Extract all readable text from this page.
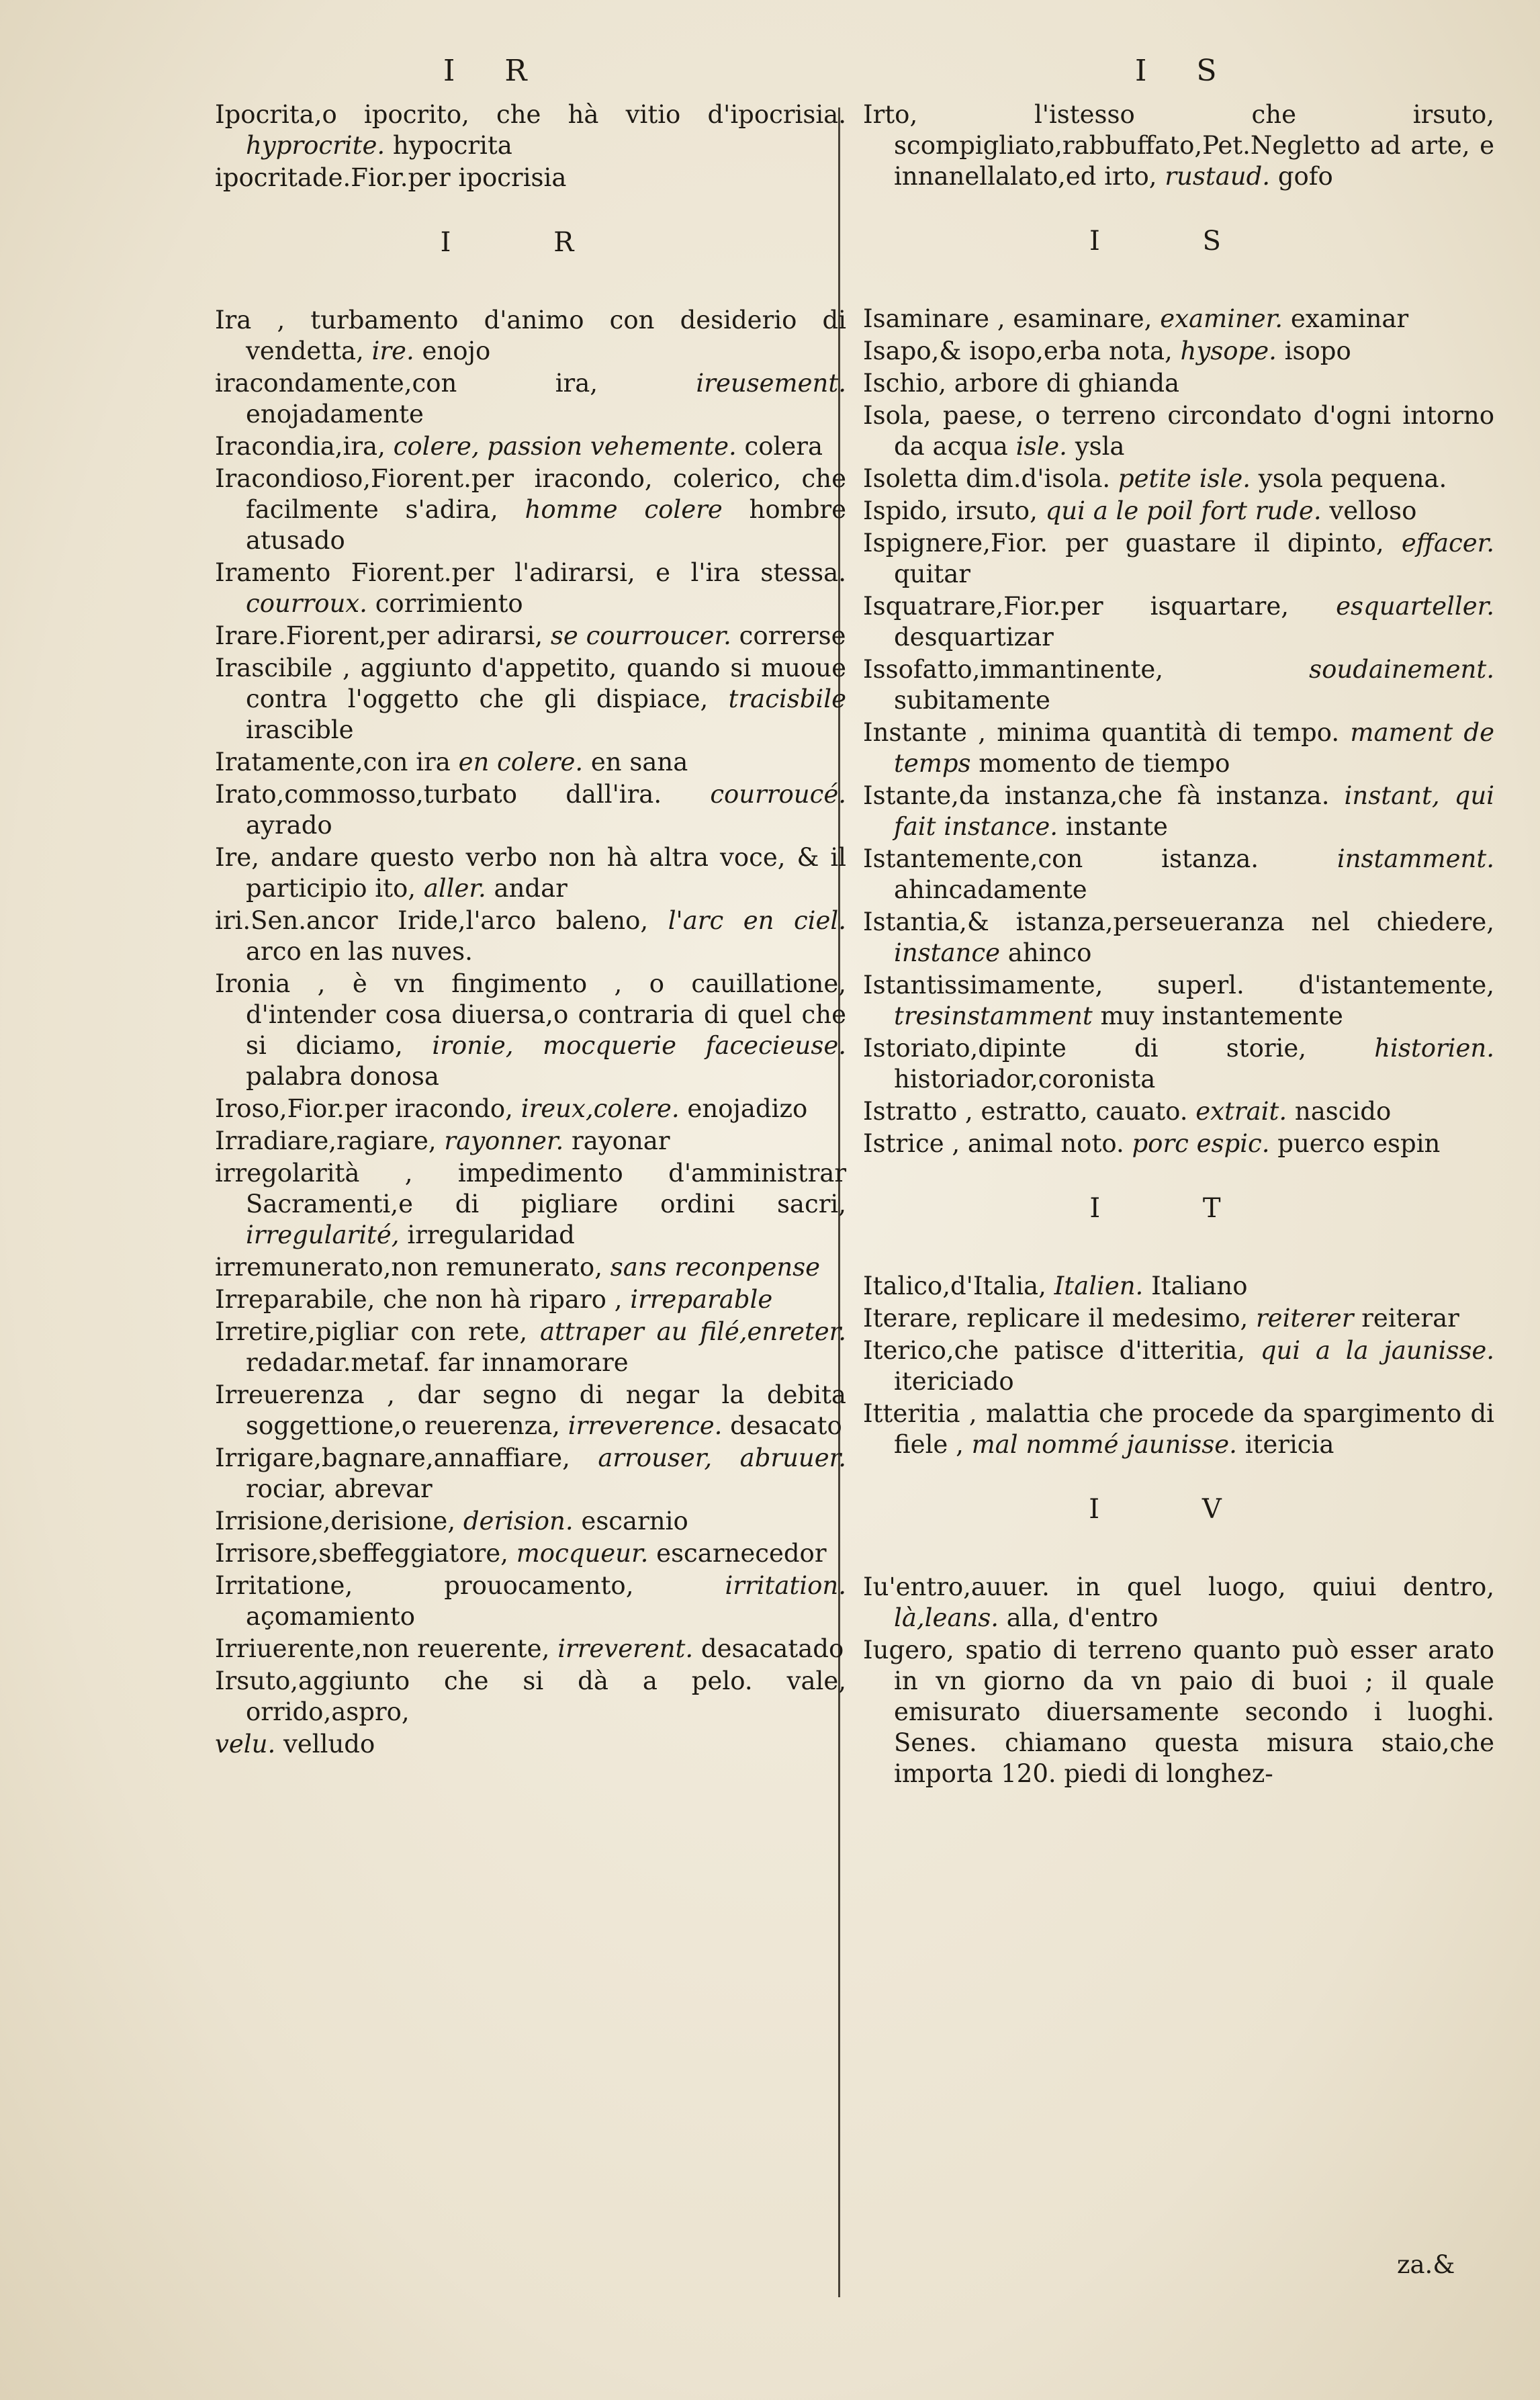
I R	I S

Ipocrita,o ipocrito, che hà vitio d'ipocrisia. hyprocrite. hypocrita

ipocritade.Fior.per ipocrisia

I R

Ira , turbamento d'animo con desiderio di vendetta, ire. enojo

iracondamente,con ira, ireusement. enojadamente

Iracondia,ira, colere, passion vehemente. colera

Iracondioso,Fiorent.per iracondo, colerico, che facilmente s'adira, homme colere hombre atusado

Iramento Fiorent.per l'adirarsi, e l'ira stessa. courroux. corrimiento

Irare.Fiorent,per adirarsi, se courroucer. correrse

Irascibile , aggiunto d'appetito, quando si muoue contra l'oggetto che gli dispiace, tracisbile irascible

Iratamente,con ira en colere. en sana

Irato,commosso,turbato dall'ira. courroucé. ayrado

Ire, andare questo verbo non hà altra voce, & il participio ito, aller. andar

iri.Sen.ancor Iride,l'arco baleno, l'arc en ciel. arco en las nuves.

Ironia , è vn fingimento , o cauillatione, d'intender cosa diuersa,o contraria di quel che si diciamo, ironie, mocquerie facecieuse. palabra donosa

Iroso,Fior.per iracondo, ireux,colere. enojadizo

Irradiare,ragiare, rayonner. rayonar

irregolarità , impedimento d'amministrar Sacramenti,e di pigliare ordini sacri, irregularité, irregularidad

irremunerato,non remunerato, sans reconpense

Irreparabile, che non hà riparo , irreparable

Irretire,pigliar con rete, attraper au filé,enreter. redadar.metaf. far innamorare

Irreuerenza , dar segno di negar la debita soggettione,o reuerenza, irreverence. desacato

Irrigare,bagnare,annaffiare, arrouser, abruuer. rociar, abrevar

Irrisione,derisione, derision. escarnio

Irrisore,sbeffeggiatore, mocqueur. escarnecedor

Irritatione, prouocamento, irritation. açomamiento

Irriuerente,non reuerente, irreverent. desacatado

Irsuto,aggiunto che si dà a pelo. vale, orrido,aspro,

velu. velludo

Irto, l'istesso che irsuto, scompigliato,rabbuffato,Pet.Negletto ad arte, e innanellalato,ed irto, rustaud. gofo

I S

Isaminare , esaminare, examiner. examinar

Isapo,& isopo,erba nota, hysope. isopo

Ischio, arbore di ghianda

Isola, paese, o terreno circondato d'ogni intorno da acqua isle. ysla

Isoletta dim.d'isola. petite isle. ysola pequena.

Ispido, irsuto, qui a le poil fort rude. velloso

Ispignere,Fior. per guastare il dipinto, effacer. quitar

Isquatrare,Fior.per isquartare, esquarteller. desquartizar

Issofatto,immantinente, soudainement. subitamente

Instante , minima quantità di tempo. mament de temps momento de tiempo

Istante,da instanza,che fà instanza. instant, qui fait instance. instante

Istantemente,con istanza. instamment. ahincadamente

Istantia,& istanza,perseueranza nel chiedere, instance ahinco

Istantissimamente, superl. d'istantemente, tresinstamment muy instantemente

Istoriato,dipinte di storie, historien. historiador,coronista

Istratto , estratto, cauato. extrait. nascido

Istrice , animal noto. porc espic. puerco espin

I T

Italico,d'Italia, Italien. Italiano

Iterare, replicare il medesimo, reiterer reiterar

Iterico,che patisce d'itteritia, qui a la jaunisse. itericiado

Itteritia , malattia che procede da spargimento di fiele , mal nommé jaunisse. itericia

I V

Iu'entro,auuer. in quel luogo, quiui dentro, là,leans. alla, d'entro

Iugero, spatio di terreno quanto può esser arato in vn giorno da vn paio di buoi ; il quale emisurato diuersamente secondo i luoghi. Senes. chiamano questa misura staio,che importa 120. piedi di longhez-

za.&
